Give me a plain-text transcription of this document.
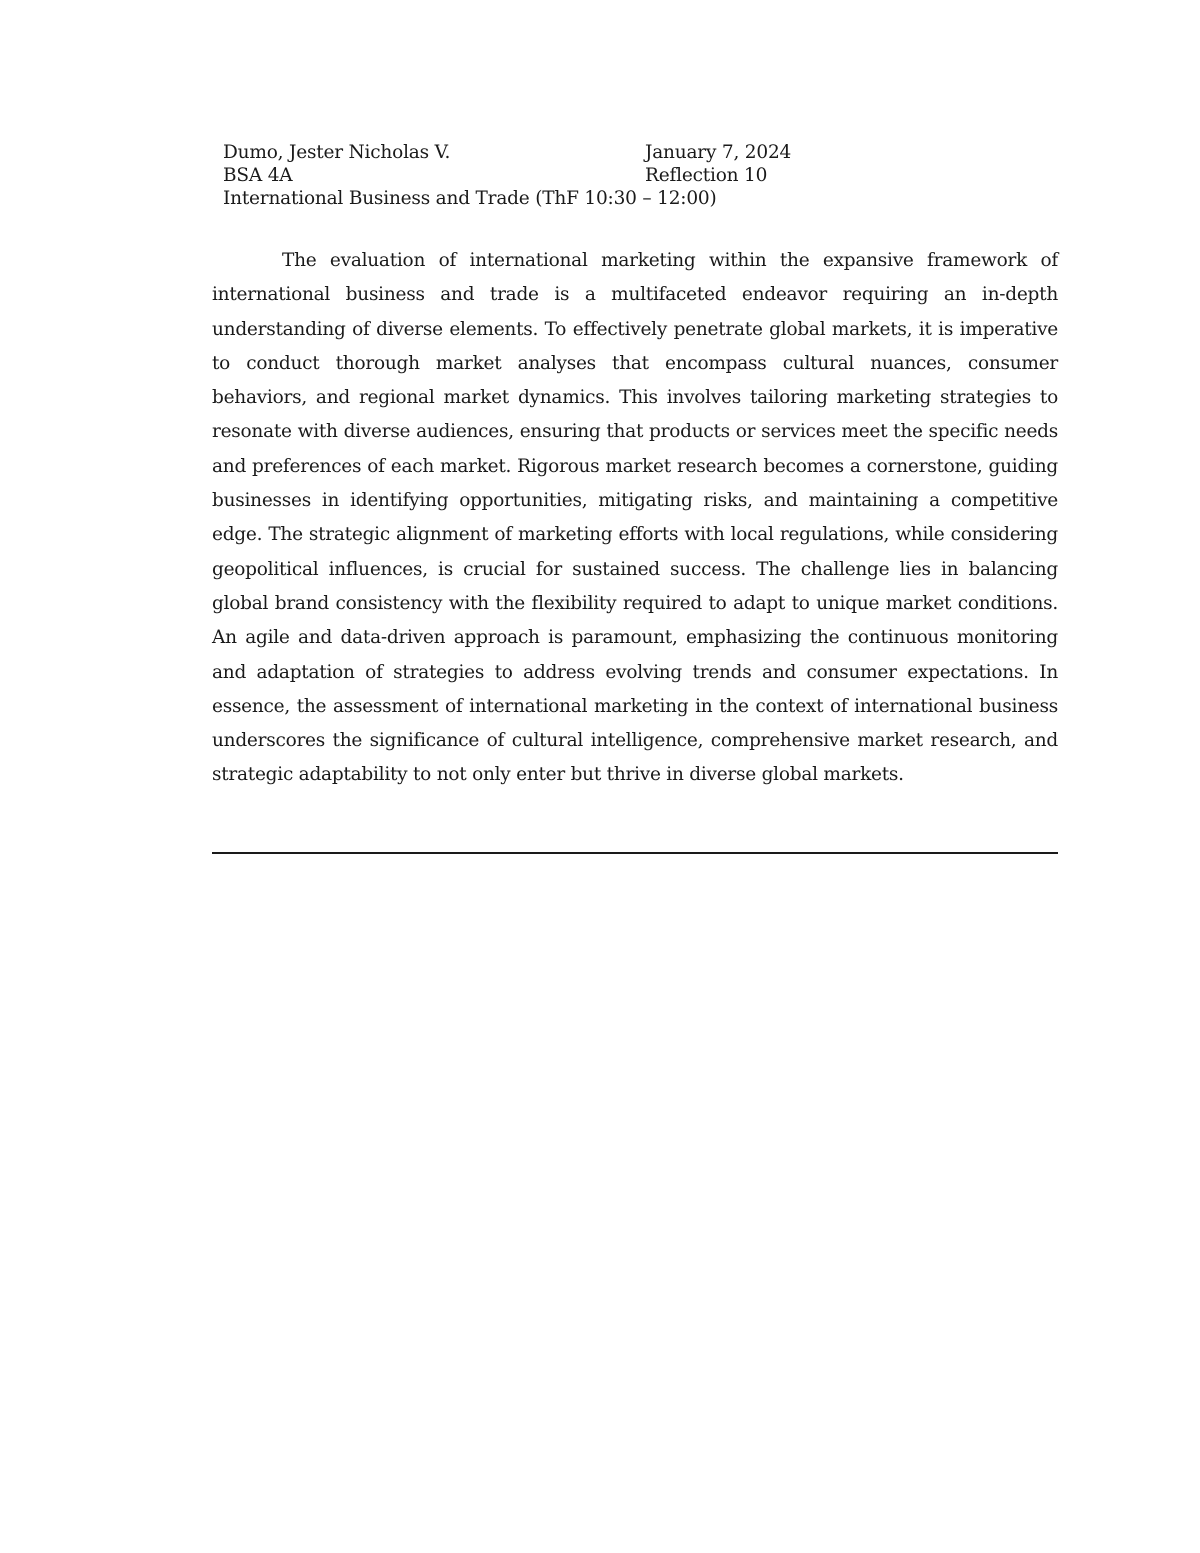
Dumo, Jester Nicholas V.	January 7, 2024
BSA 4A	Reflection 10
International Business and Trade (ThF 10:30 – 12:00)

The evaluation of international marketing within the expansive framework of international business and trade is a multifaceted endeavor requiring an in-depth understanding of diverse elements. To effectively penetrate global markets, it is imperative to conduct thorough market analyses that encompass cultural nuances, consumer behaviors, and regional market dynamics. This involves tailoring marketing strategies to resonate with diverse audiences, ensuring that products or services meet the specific needs and preferences of each market. Rigorous market research becomes a cornerstone, guiding businesses in identifying opportunities, mitigating risks, and maintaining a competitive edge. The strategic alignment of marketing efforts with local regulations, while considering geopolitical influences, is crucial for sustained success. The challenge lies in balancing global brand consistency with the flexibility required to adapt to unique market conditions. An agile and data-driven approach is paramount, emphasizing the continuous monitoring and adaptation of strategies to address evolving trends and consumer expectations. In essence, the assessment of international marketing in the context of international business underscores the significance of cultural intelligence, comprehensive market research, and strategic adaptability to not only enter but thrive in diverse global markets.
